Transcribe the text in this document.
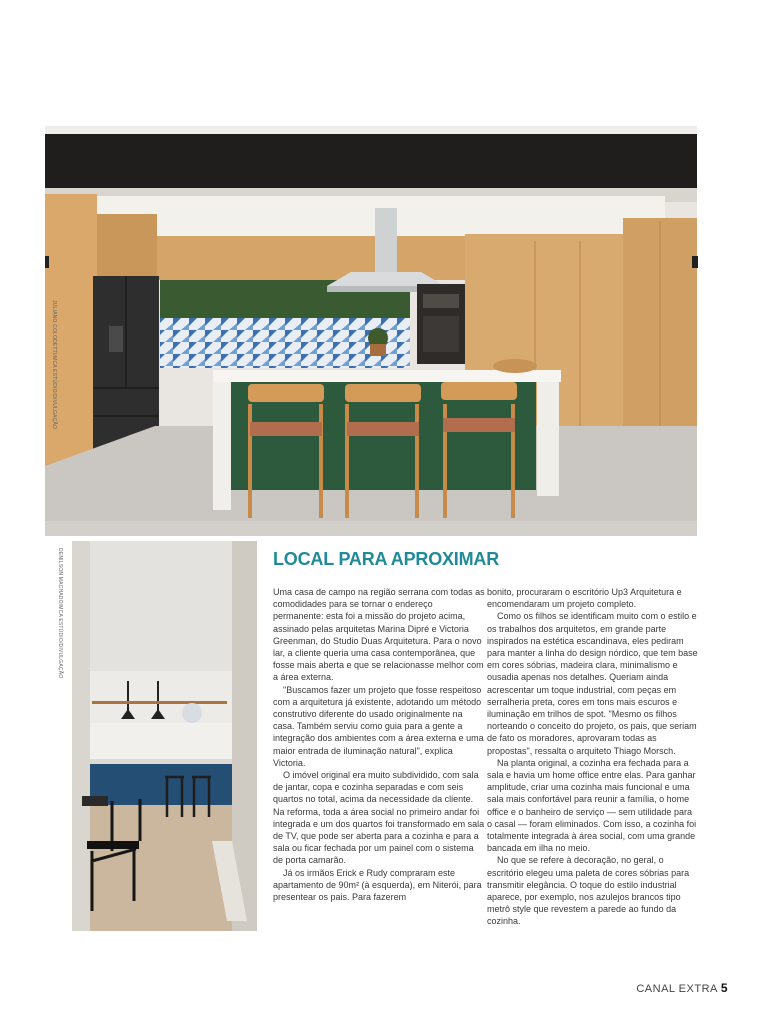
JULIANO COLODETTI/MCA ESTÚDIO/DIVULGAÇÃO
DENILSON MACHADO/MCA ESTÚDIO/DIVULGAÇÃO	LOCAL PARA APROXIMAR

Uma casa de campo na região serrana com todas as comodidades para se tornar o endereço permanente: esta foi a missão do projeto acima, assinado pelas arquitetas Marina Dipré e Victoria Greenman, do Studio Duas Arquitetura. Para o novo lar, a cliente queria uma casa contemporânea, que fosse mais aberta e que se relacionasse melhor com a área externa.

"Buscamos fazer um projeto que fosse respeitoso com a arquitetura já existente, adotando um método construtivo diferente do usado originalmente na casa. Também serviu como guia para a gente a integração dos ambientes com a área externa e uma maior entrada de iluminação natural", explica Victoria.

O imóvel original era muito subdividido, com sala de jantar, copa e cozinha separadas e com seis quartos no total, acima da necessidade da cliente. Na reforma, toda a área social no primeiro andar foi integrada e um dos quartos foi transformado em sala de TV, que pode ser aberta para a cozinha e para a sala ou ficar fechada por um painel com o sistema de porta camarão.

Já os irmãos Erick e Rudy compraram este apartamento de 90m² (à esquerda), em Niterói, para presentear os pais. Para fazerem

bonito, procuraram o escritório Up3 Arquitetura e encomendaram um projeto completo.

Como os filhos se identificam muito com o estilo e os trabalhos dos arquitetos, em grande parte inspirados na estética escandinava, eles pediram para manter a linha do design nórdico, que tem base em cores sóbrias, madeira clara, minimalismo e ousadia apenas nos detalhes. Queriam ainda acrescentar um toque industrial, com peças em serralheria preta, cores em tons mais escuros e iluminação em trilhos de spot. "Mesmo os filhos norteando o conceito do projeto, os pais, que seriam de fato os moradores, aprovaram todas as propostas", ressalta o arquiteto Thiago Morsch.

Na planta original, a cozinha era fechada para a sala e havia um home office entre elas. Para ganhar amplitude, criar uma cozinha mais funcional e uma sala mais confortável para reunir a família, o home office e o banheiro de serviço — sem utilidade para o casal — foram eliminados. Com isso, a cozinha foi totalmente integrada à área social, com uma grande bancada em ilha no meio.

No que se refere à decoração, no geral, o escritório elegeu uma paleta de cores sóbrias para transmitir elegância. O toque do estilo industrial aparece, por exemplo, nos azulejos brancos tipo metrô style que revestem a parede ao fundo da cozinha.

CANAL EXTRA 5
